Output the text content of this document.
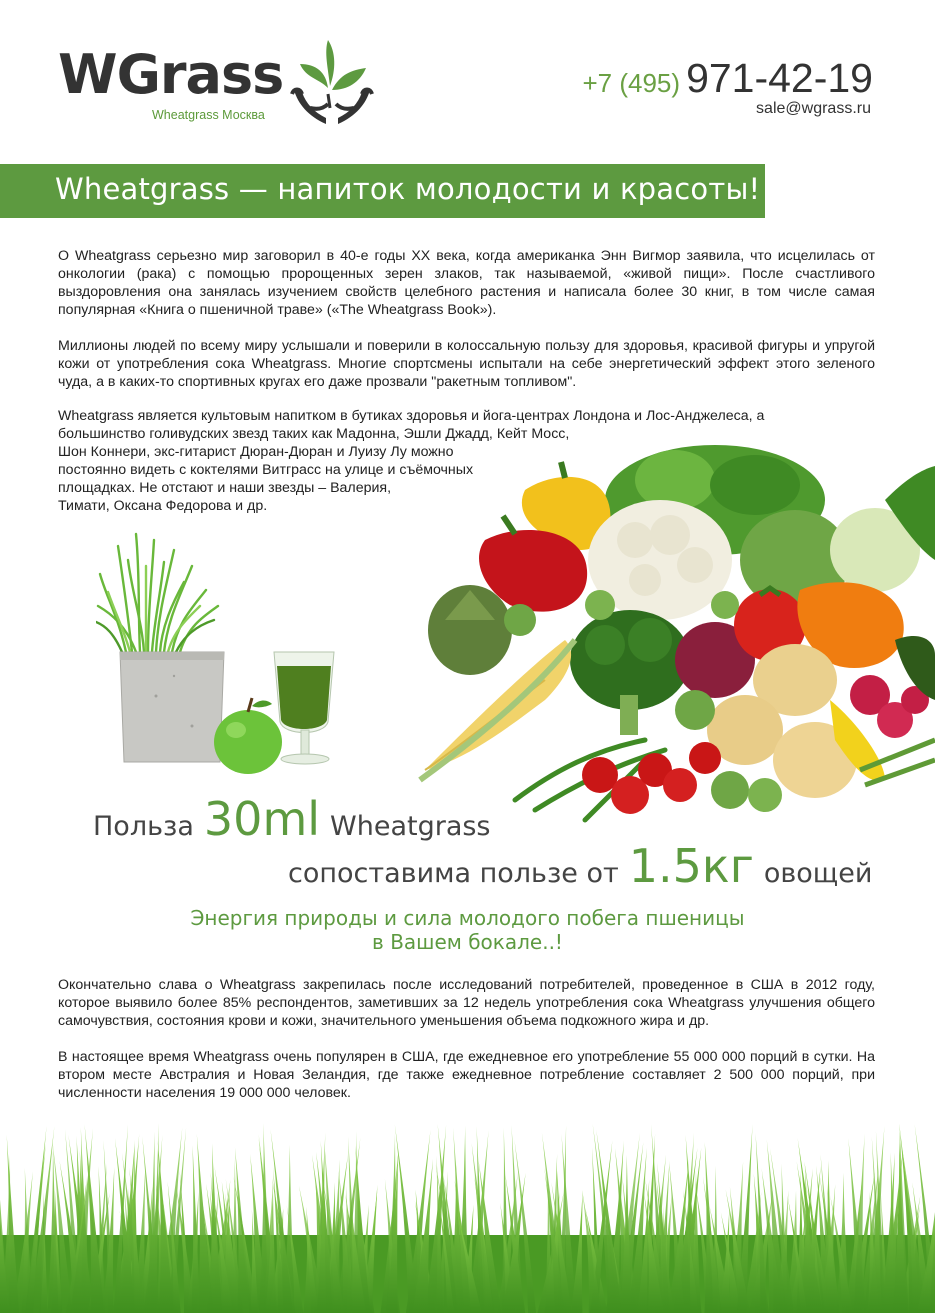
WGrass
Wheatgrass Москва
+7 (495) 971-42-19
sale@wgrass.ru
Wheatgrass — напиток молодости и красоты!
О Wheatgrass серьезно мир заговорил в 40-е годы XX века, когда американка Энн Вигмор заявила, что исцелилась от онкологии (рака) с помощью пророщенных зерен злаков, так называемой, «живой пищи». После счастливого выздоровления она занялась изучением свойств целебного растения и написала более 30 книг, в том числе самая популярная «Книга о пшеничной траве» («The Wheatgrass Book»).
Миллионы людей по всему миру услышали и поверили в колоссальную пользу для здоровья, красивой фигуры и упругой кожи от употребления сока Wheatgrass. Многие спортсмены испытали на себе энергетический эффект этого зеленого чуда, а в каких-то спортивных кругах его даже прозвали "ракетным топливом".
Wheatgrass является культовым напитком в бутиках здоровья и йога-центрах Лондона и Лос-Анджелеса, а
большинство голивудских звезд таких как Мадонна, Эшли Джадд, Кейт Мосс,
Шон Коннери, экс-гитарист Дюран-Дюран и Луизу Лу можно
постоянно видеть с коктелями Витграсс на улице и съёмочных
площадках. Не отстают и наши звезды – Валерия,
Тимати, Оксана Федорова и др.
Польза 30ml Wheatgrass
сопоставима пользе от 1.5кг овощей
Энергия природы и сила молодого побега пшеницы
в Вашем бокале..!
Окончательно слава о Wheatgrass закрепилась после исследований потребителей, проведенное в США в 2012 году, которое выявило более 85% респондентов, заметивших за 12 недель употребления сока Wheatgrass улучшения общего самочувствия, состояния крови и кожи, значительного уменьшения объема подкожного жира и др.
В настоящее время Wheatgrass очень популярен в США, где ежедневное его употребление 55 000 000 порций в сутки. На втором месте Австралия и Новая Зеландия, где также ежедневное потребление составляет 2 500 000 порций, при численности населения 19 000 000 человек.
